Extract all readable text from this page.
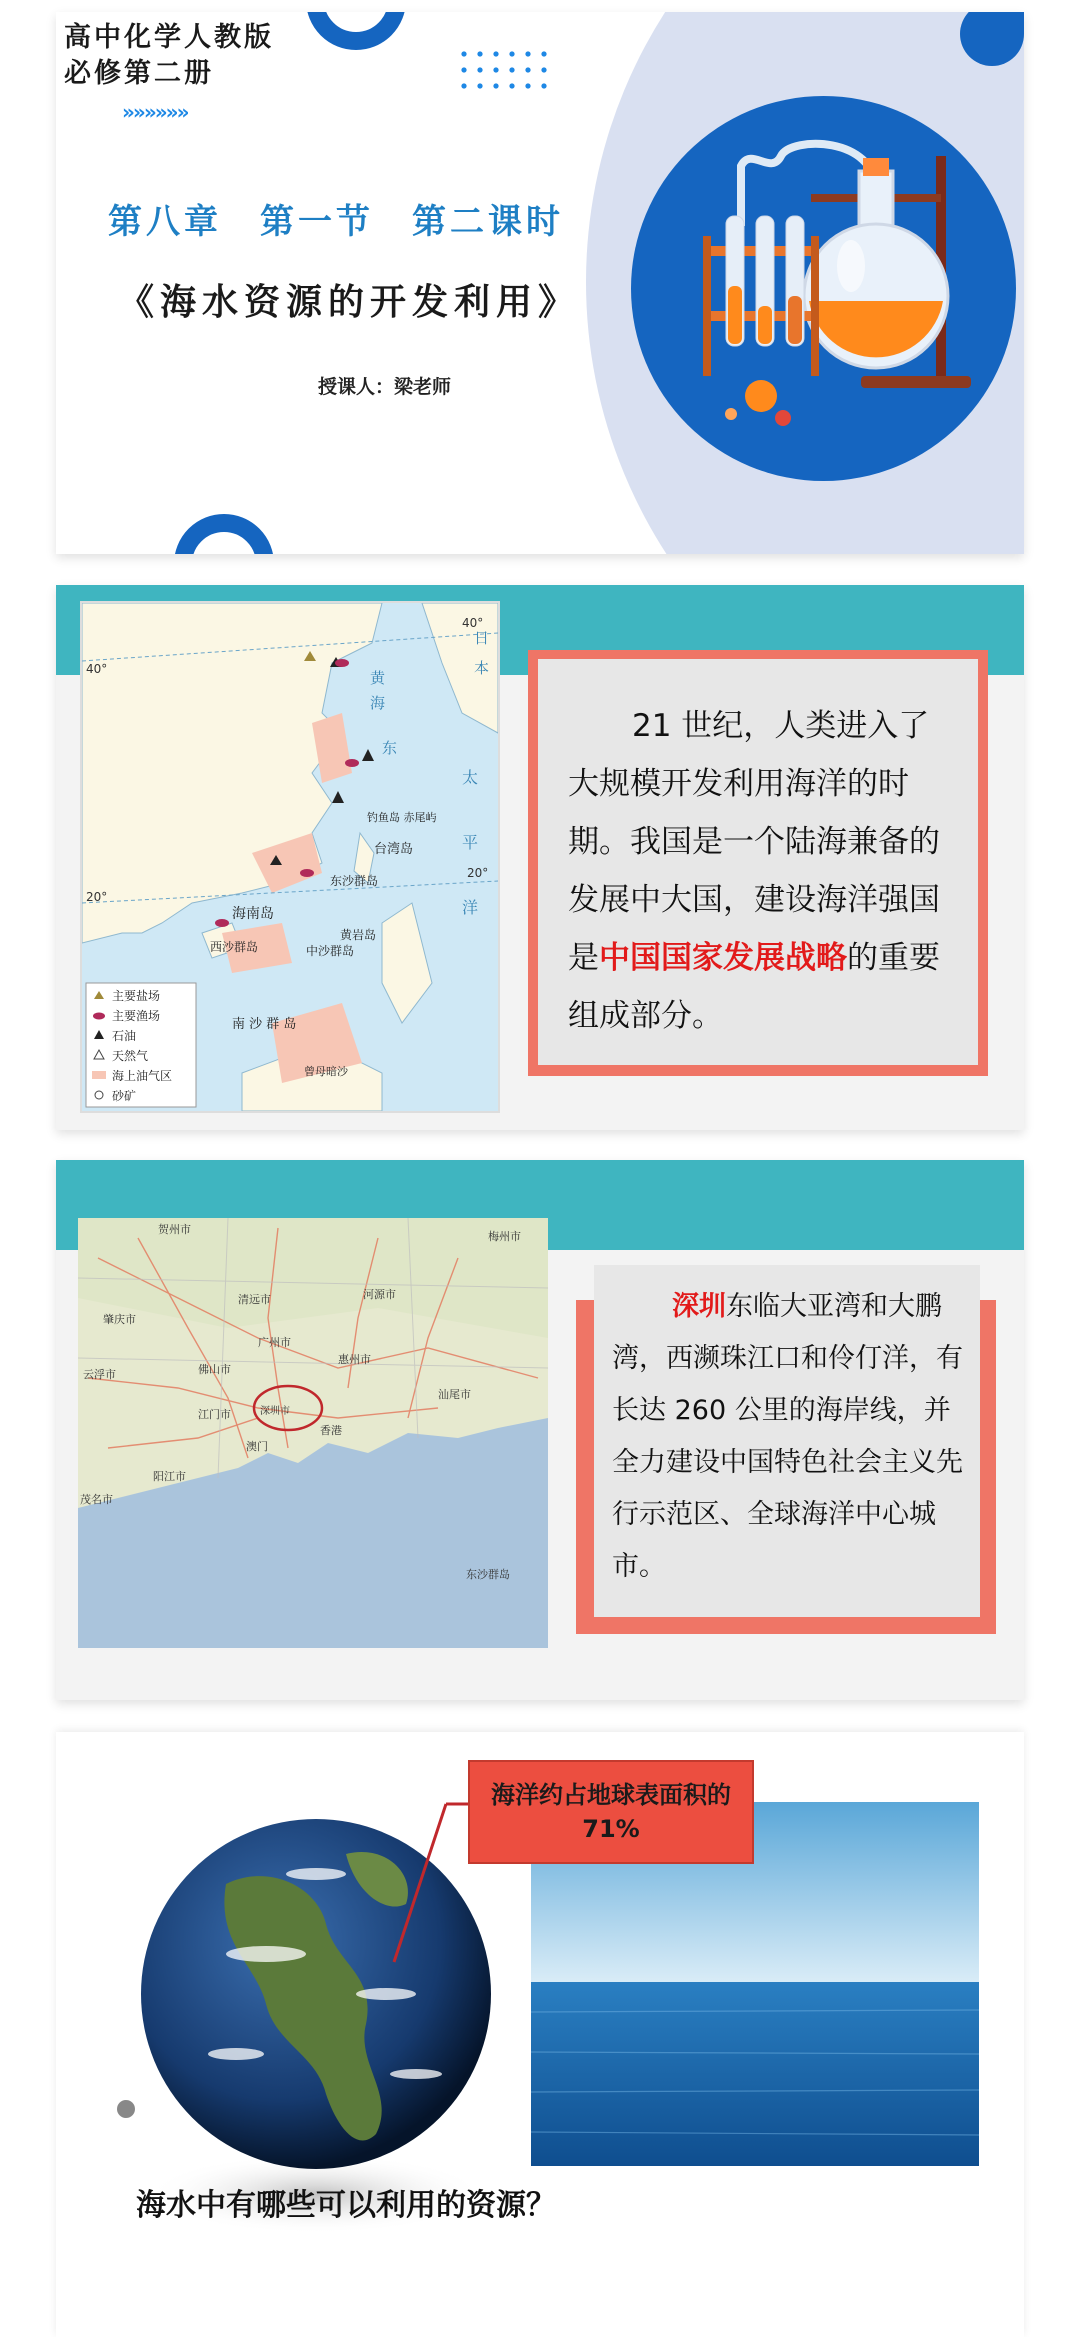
高中化学人教版
必修第二册
»»»»»»
第八章　第一节　第二课时
《海水资源的开发利用》
授课人：梁老师
40°
40°
20°
20°
黄
日
海
本
东
太
平
洋
钓鱼岛 赤尾屿
台湾岛
东沙群岛
海南岛
西沙群岛	中沙群岛
黄岩岛
南 沙 群 岛
曾母暗沙
主要盐场
主要渔场
石油
天然气
海上油气区
砂矿

21 世纪，人类进入了大规模开发利用海洋的时期。我国是一个陆海兼备的发展中大国，建设海洋强国是中国国家发展战略的重要组成部分。

贺州市
梅州市
清远市	河源市
肇庆市
广州市
佛山市
惠州市
汕尾市
江门市	深圳市
香港
澳门
阳江市
云浮市
茂名市
东沙群岛

深圳东临大亚湾和大鹏湾，西濒珠江口和伶仃洋，有长达 260 公里的海岸线，并全力建设中国特色社会主义先行示范区、全球海洋中心城市。

海洋约占地球表面积的
71%
海水中有哪些可以利用的资源？
